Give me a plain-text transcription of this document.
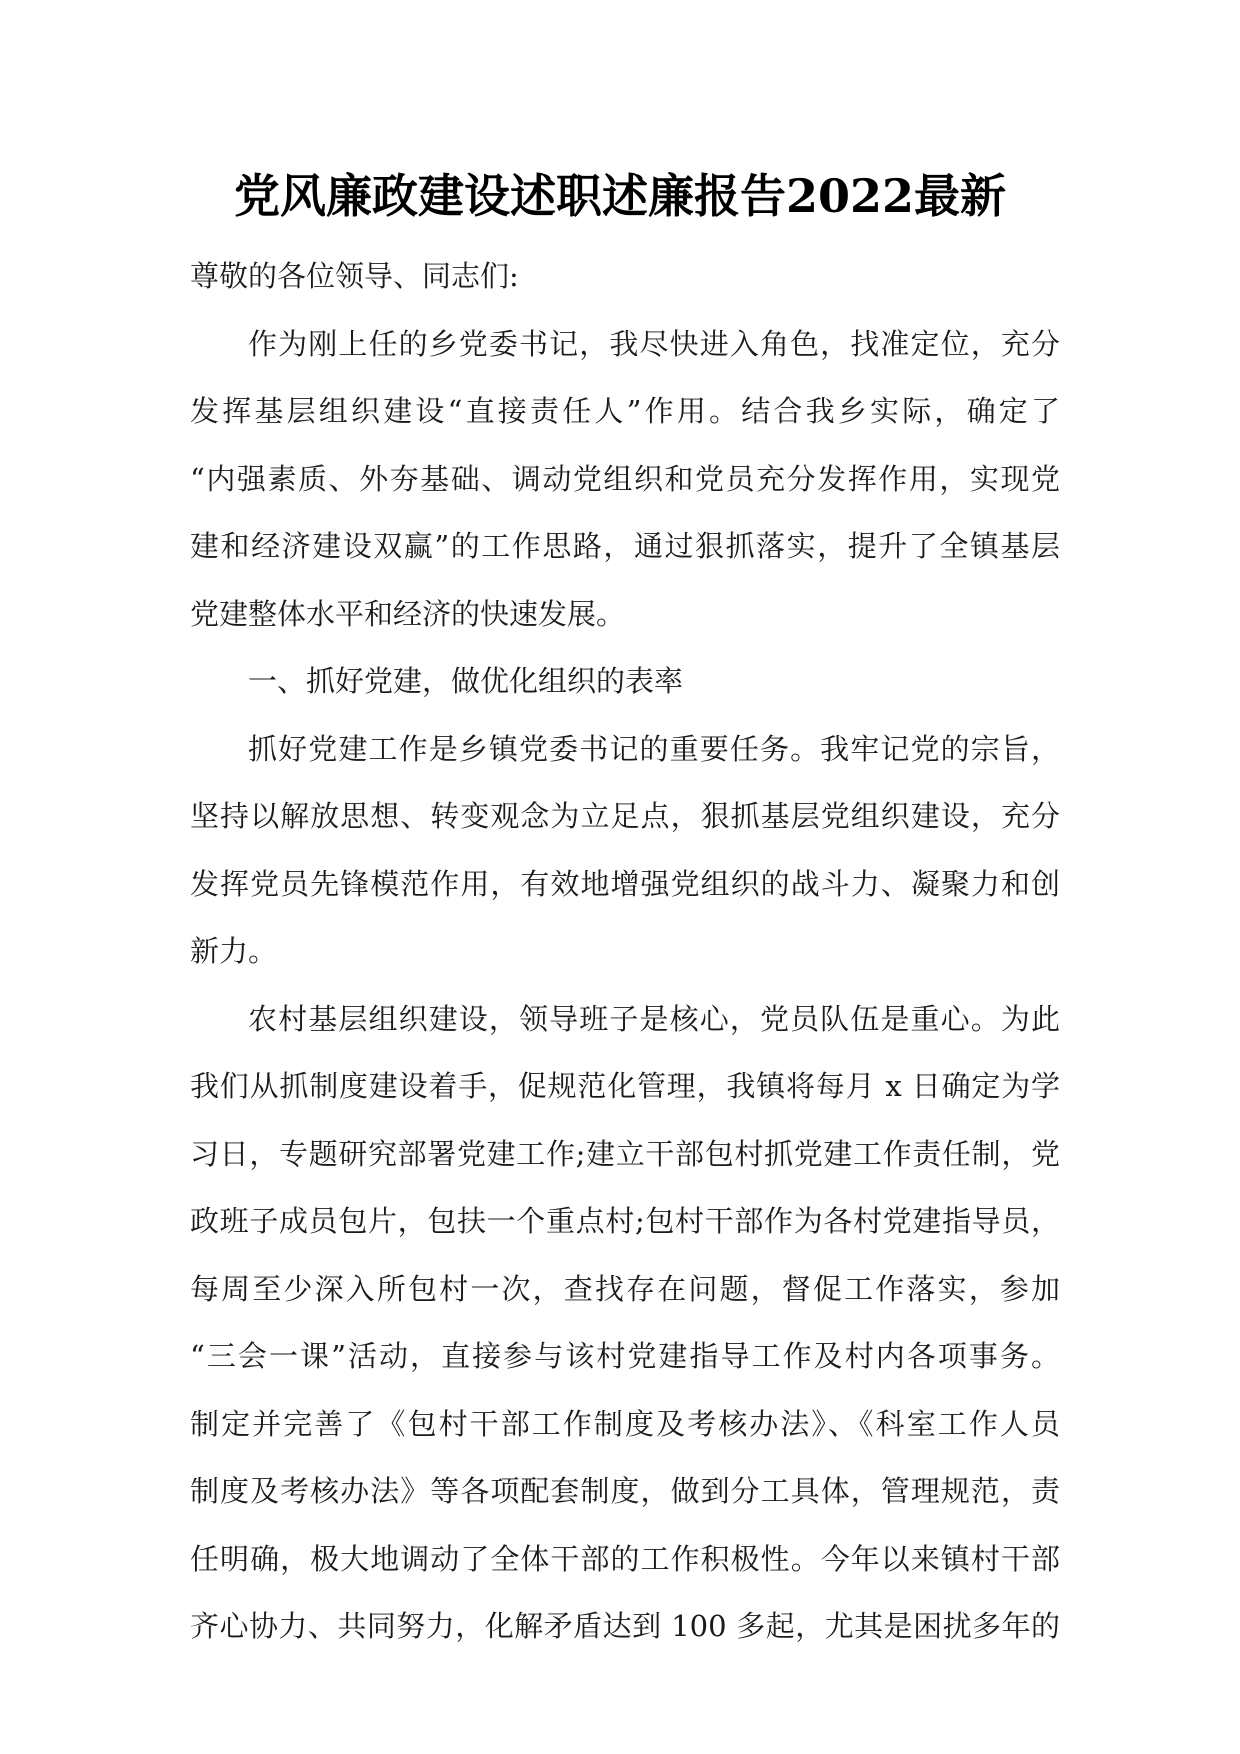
党风廉政建设述职述廉报告2022最新
尊敬的各位领导、同志们:
作为刚上任的乡党委书记，我尽快进入角色，找准定位，充分
发挥基层组织建设“直接责任人”作用。结合我乡实际，确定了
“内强素质、外夯基础、调动党组织和党员充分发挥作用，实现党
建和经济建设双赢”的工作思路，通过狠抓落实，提升了全镇基层
党建整体水平和经济的快速发展。
一、抓好党建，做优化组织的表率
抓好党建工作是乡镇党委书记的重要任务。我牢记党的宗旨，
坚持以解放思想、转变观念为立足点，狠抓基层党组织建设，充分
发挥党员先锋模范作用，有效地增强党组织的战斗力、凝聚力和创
新力。
农村基层组织建设，领导班子是核心，党员队伍是重心。为此
我们从抓制度建设着手，促规范化管理，我镇将每月 x 日确定为学
习日，专题研究部署党建工作;建立干部包村抓党建工作责任制，党
政班子成员包片，包扶一个重点村;包村干部作为各村党建指导员，
每周至少深入所包村一次，查找存在问题，督促工作落实，参加
“三会一课”活动，直接参与该村党建指导工作及村内各项事务。
制定并完善了《包村干部工作制度及考核办法》、《科室工作人员
制度及考核办法》等各项配套制度，做到分工具体，管理规范，责
任明确，极大地调动了全体干部的工作积极性。今年以来镇村干部
齐心协力、共同努力，化解矛盾达到 100 多起，尤其是困扰多年的
